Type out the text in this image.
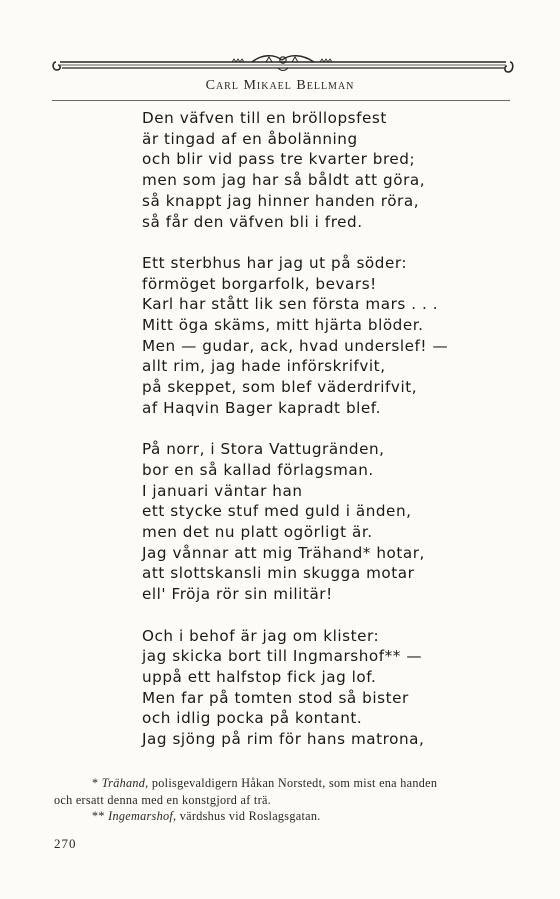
Carl Mikael Bellman
Den väfven till en bröllopsfest
är tingad af en åbolänning
och blir vid pass tre kvarter bred;
men som jag har så båldt att göra,
så knappt jag hinner handen röra,
så får den väfven bli i fred.
Ett sterbhus har jag ut på söder:
förmöget borgarfolk, bevars!
Karl har stått lik sen första mars . . .
Mitt öga skäms, mitt hjärta blöder.
Men — gudar, ack, hvad underslef! —
allt rim, jag hade införskrifvit,
på skeppet, som blef väderdrifvit,
af Haqvin Bager kapradt blef.
På norr, i Stora Vattugränden,
bor en så kallad förlagsman.
I januari väntar han
ett stycke stuf med guld i änden,
men det nu platt ogörligt är.
Jag vånnar att mig Trähand* hotar,
att slottskansli min skugga motar
ell' Fröja rör sin militär!
Och i behof är jag om klister:
jag skicka bort till Ingmarshof** —
uppå ett halfstop fick jag lof.
Men far på tomten stod så bister
och idlig pocka på kontant.
Jag sjöng på rim för hans matrona,
* Trähand, polisgevaldigern Håkan Norstedt, som mist ena handen
och ersatt denna med en konstgjord af trä.
** Ingemarshof, värdshus vid Roslagsgatan.
270
